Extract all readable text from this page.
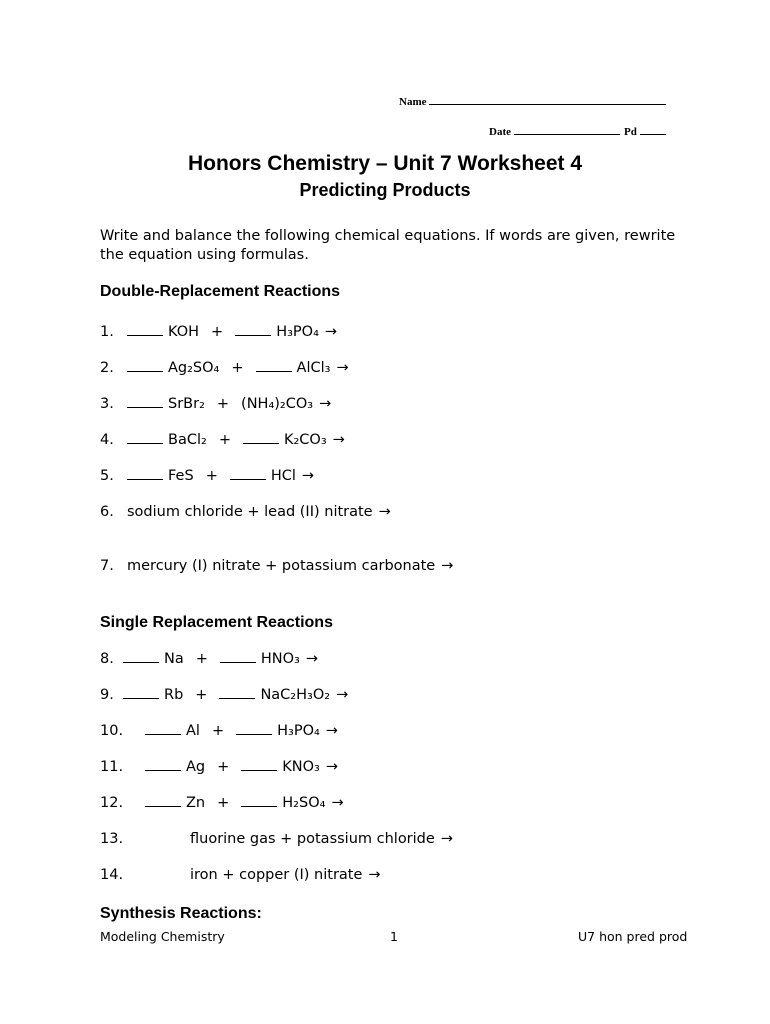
Name
Date	Pd
Honors Chemistry – Unit 7 Worksheet 4
Predicting Products
Write and balance the following chemical equations. If words are given, rewrite the equation using formulas.
Double-Replacement Reactions
1.	KOH +	H₃PO₄ →
2.	Ag₂SO₄ +	AlCl₃ →
3.	SrBr₂ + (NH₄)₂CO₃ →
4.	BaCl₂ +	K₂CO₃ →
5.	FeS +	HCl →
6. sodium chloride + lead (II) nitrate →
7. mercury (I) nitrate + potassium carbonate →
Single Replacement Reactions
8.	Na +	HNO₃ →
9.	Rb +	NaC₂H₃O₂ →
10.	Al +	H₃PO₄ →
11.	Ag +	KNO₃ →
12.	Zn +	H₂SO₄ →
13.	fluorine gas + potassium chloride →
14.	iron + copper (I) nitrate →
Synthesis Reactions:
Modeling Chemistry	1	U7 hon pred prod
